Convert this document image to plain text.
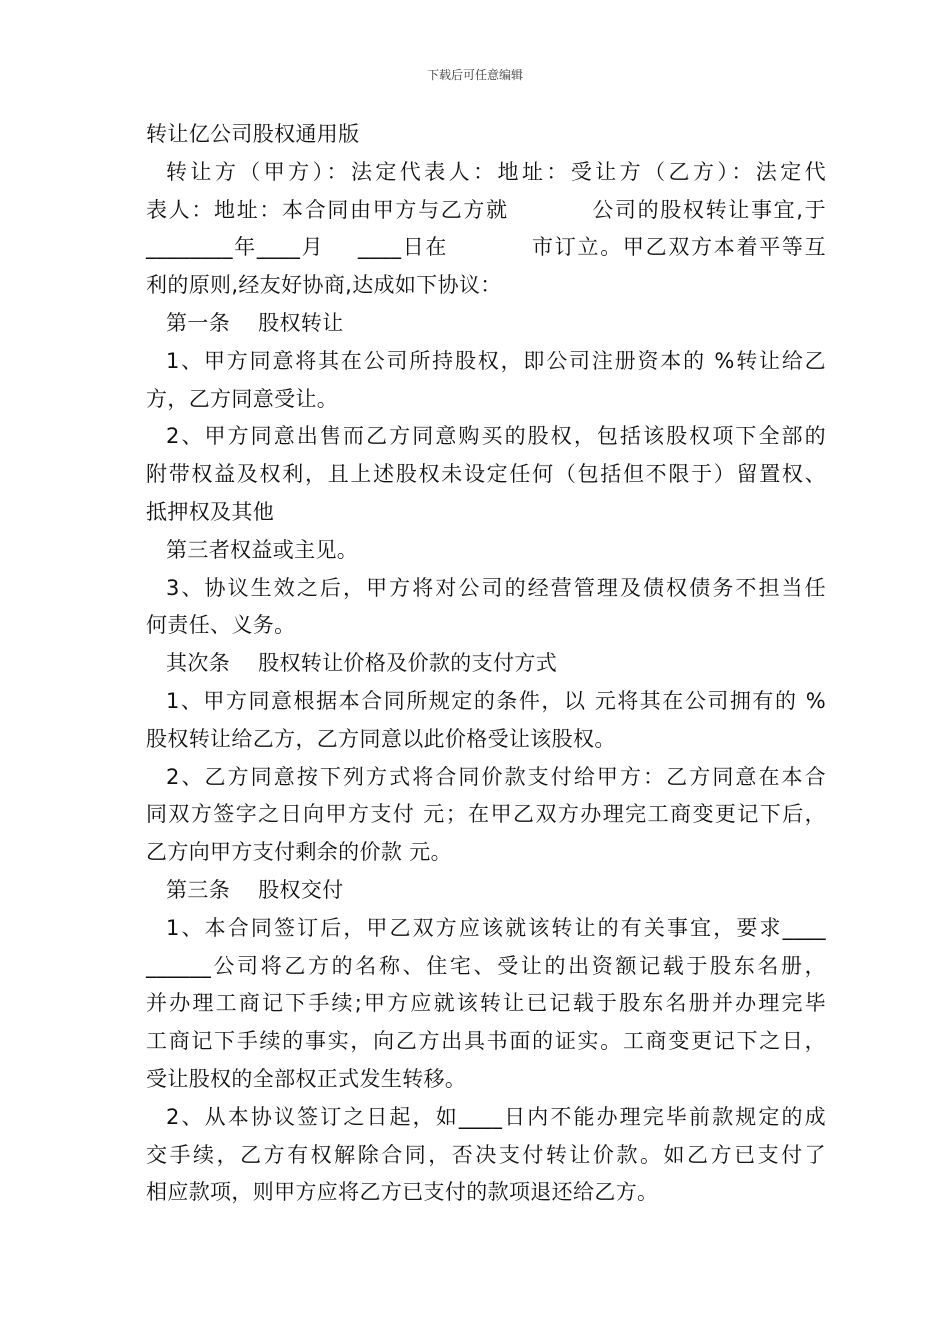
下载后可任意编辑
转让亿公司股权通用版
转让方（甲方）：法定代表人：地址：受让方（乙方）：法定代
表人：地址：本合同由甲方与乙方就          公司的股权转让事宜,于
________年____月    ____日在          市订立。甲乙双方本着平等互
利的原则,经友好协商,达成如下协议：
第一条    股权转让
1、甲方同意将其在公司所持股权，即公司注册资本的 %转让给乙
方，乙方同意受让。
2、甲方同意出售而乙方同意购买的股权，包括该股权项下全部的
附带权益及权利，且上述股权未设定任何（包括但不限于）留置权、
抵押权及其他
第三者权益或主见。
3、协议生效之后，甲方将对公司的经营管理及债权债务不担当任
何责任、义务。
其次条    股权转让价格及价款的支付方式
1、甲方同意根据本合同所规定的条件，以 元将其在公司拥有的 %
股权转让给乙方，乙方同意以此价格受让该股权。
2、乙方同意按下列方式将合同价款支付给甲方：乙方同意在本合
同双方签字之日向甲方支付 元；在甲乙双方办理完工商变更记下后，
乙方向甲方支付剩余的价款 元。
第三条    股权交付
1、本合同签订后，甲乙双方应该就该转让的有关事宜，要求____
______公司将乙方的名称、住宅、受让的出资额记载于股东名册，
并办理工商记下手续;甲方应就该转让已记载于股东名册并办理完毕
工商记下手续的事实，向乙方出具书面的证实。工商变更记下之日，
受让股权的全部权正式发生转移。
2、从本协议签订之日起，如____日内不能办理完毕前款规定的成
交手续，乙方有权解除合同，否决支付转让价款。如乙方已支付了
相应款项，则甲方应将乙方已支付的款项退还给乙方。
